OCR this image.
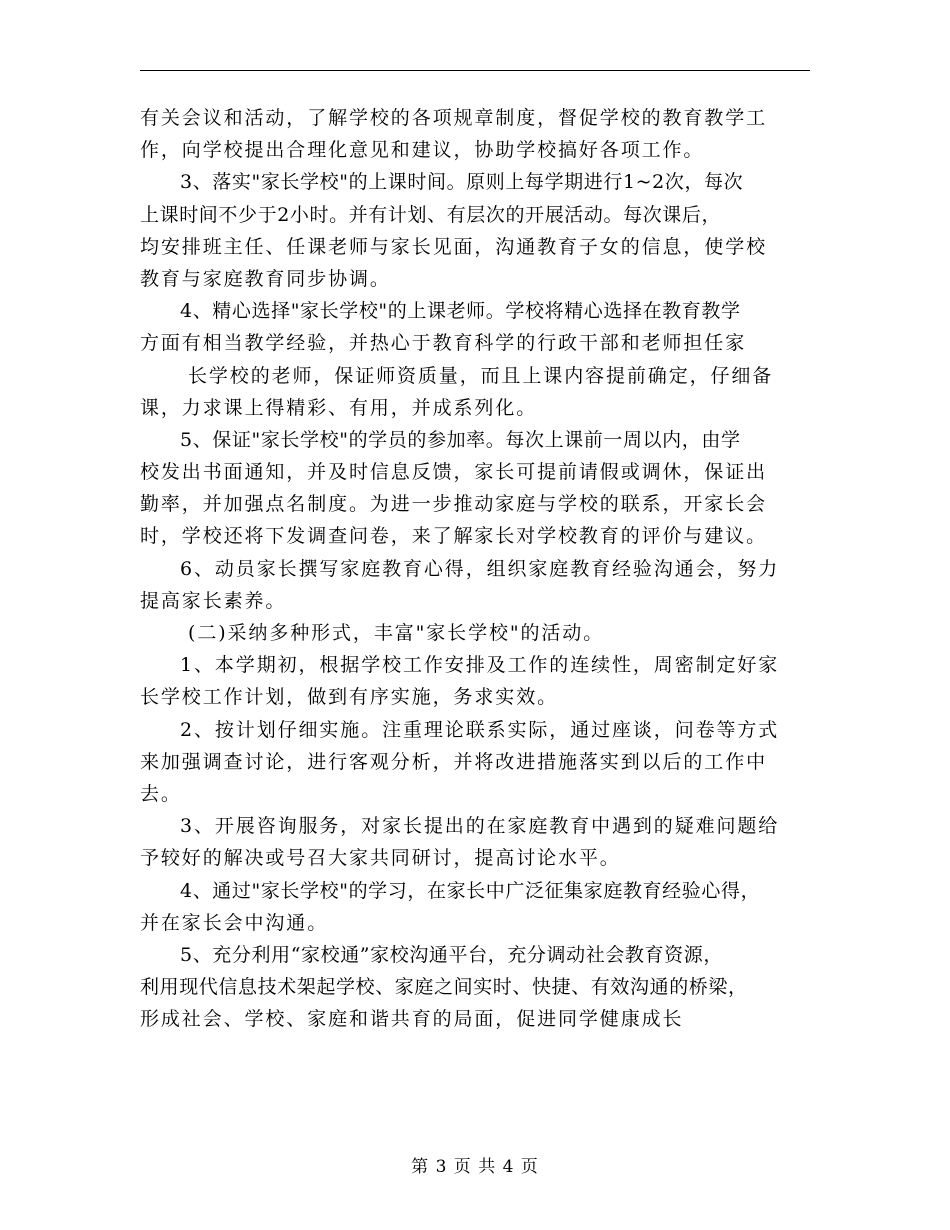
有关会议和活动，了解学校的各项规章制度，督促学校的教育教学工
作，向学校提出合理化意见和建议，协助学校搞好各项工作。
3、落实"家长学校"的上课时间。原则上每学期进行1~2次，每次
上课时间不少于2小时。并有计划、有层次的开展活动。每次课后，
均安排班主任、任课老师与家长见面，沟通教育子女的信息，使学校
教育与家庭教育同步协调。
4、精心选择"家长学校"的上课老师。学校将精心选择在教育教学
方面有相当教学经验，并热心于教育科学的行政干部和老师担任家
长学校的老师，保证师资质量，而且上课内容提前确定，仔细备
课，力求课上得精彩、有用，并成系列化。
5、保证"家长学校"的学员的参加率。每次上课前一周以内，由学
校发出书面通知，并及时信息反馈，家长可提前请假或调休，保证出
勤率，并加强点名制度。为进一步推动家庭与学校的联系，开家长会
时，学校还将下发调查问卷，来了解家长对学校教育的评价与建议。
6、动员家长撰写家庭教育心得，组织家庭教育经验沟通会，努力
提高家长素养。
(二)采纳多种形式，丰富"家长学校"的活动。
1、本学期初，根据学校工作安排及工作的连续性，周密制定好家
长学校工作计划，做到有序实施，务求实效。
2、按计划仔细实施。注重理论联系实际，通过座谈，问卷等方式
来加强调查讨论，进行客观分析，并将改进措施落实到以后的工作中
去。
3、开展咨询服务，对家长提出的在家庭教育中遇到的疑难问题给
予较好的解决或号召大家共同研讨，提高讨论水平。
4、通过"家长学校"的学习，在家长中广泛征集家庭教育经验心得，
并在家长会中沟通。
5、充分利用“家校通”家校沟通平台，充分调动社会教育资源，
利用现代信息技术架起学校、家庭之间实时、快捷、有效沟通的桥梁，
形成社会、学校、家庭和谐共育的局面，促进同学健康成长
第 3 页 共 4 页
